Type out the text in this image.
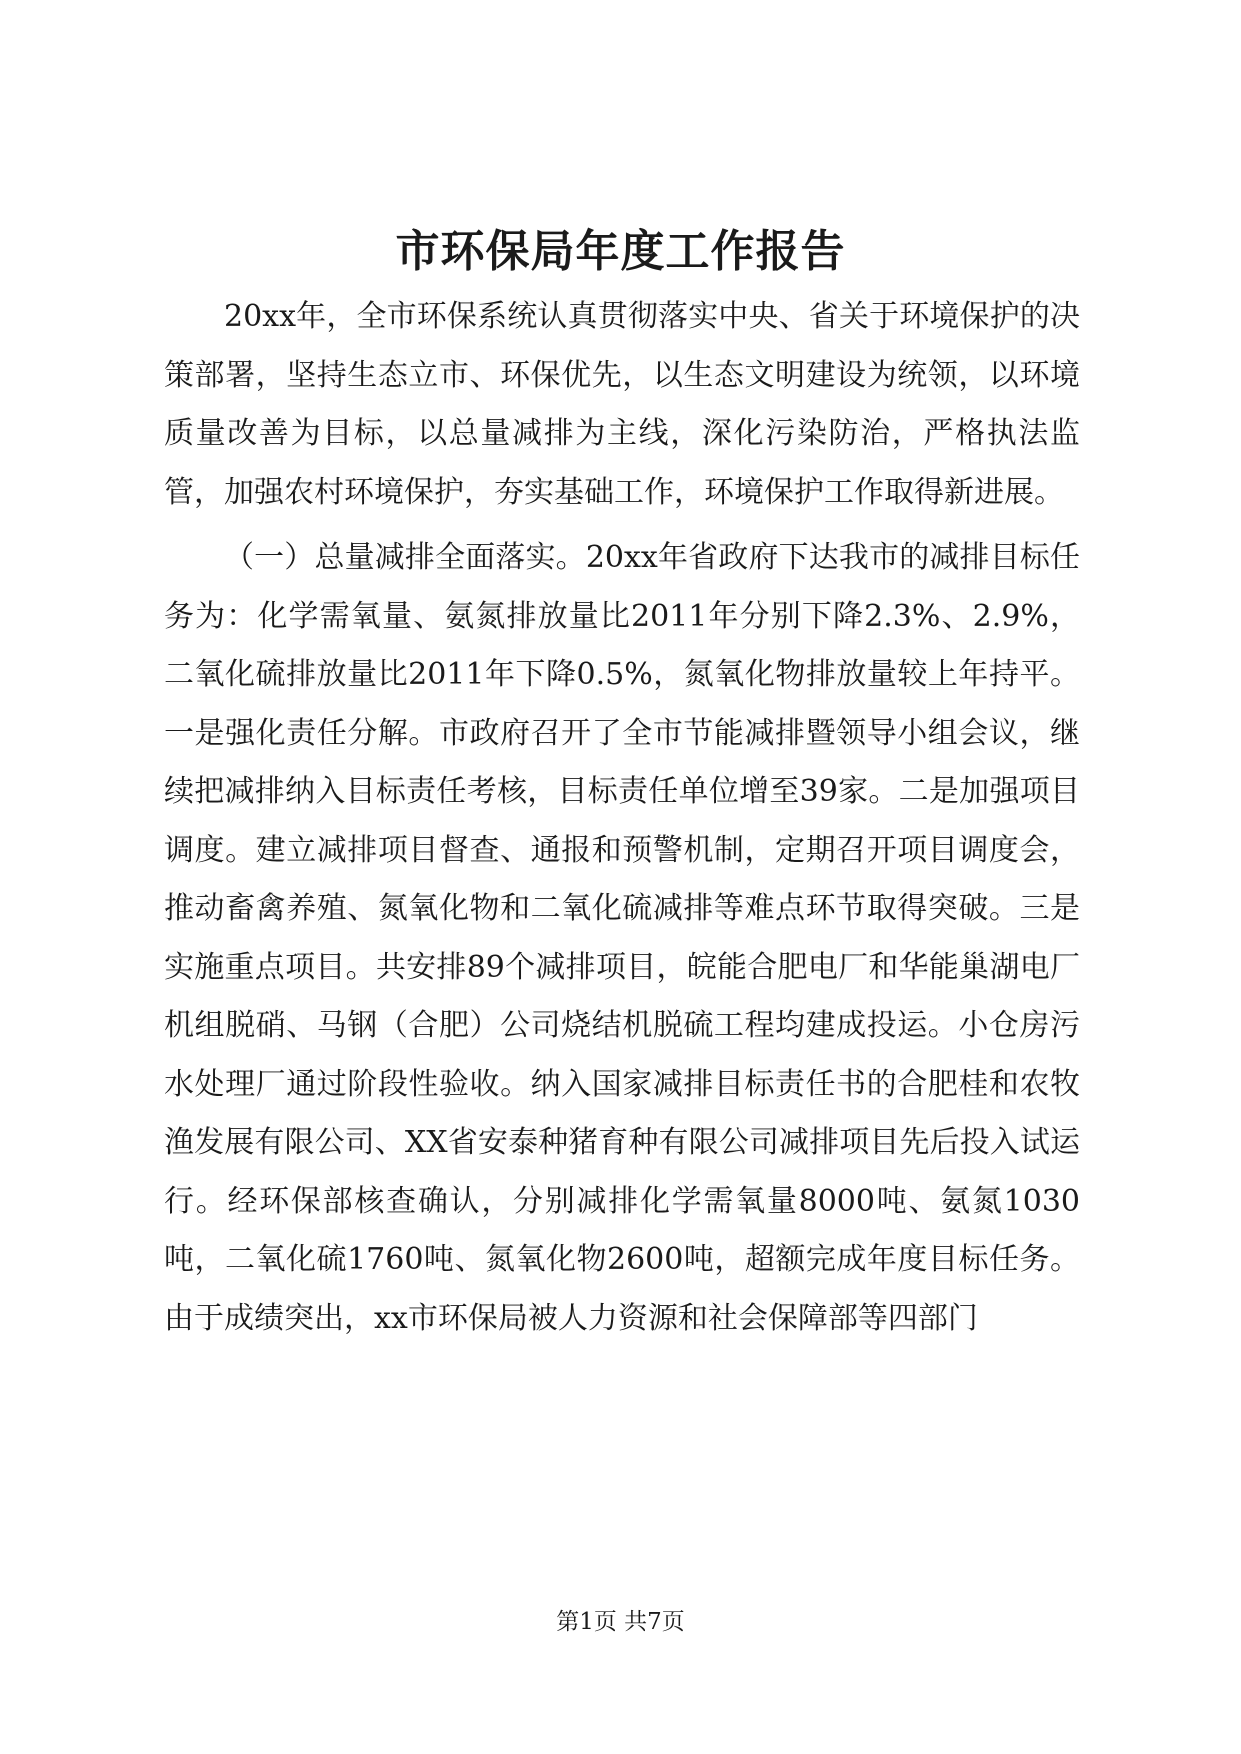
市环保局年度工作报告

20xx年，全市环保系统认真贯彻落实中央、省关于环境保护的决策部署，坚持生态立市、环保优先，以生态文明建设为统领，以环境质量改善为目标，以总量减排为主线，深化污染防治，严格执法监管，加强农村环境保护，夯实基础工作，环境保护工作取得新进展。

（一）总量减排全面落实。20xx年省政府下达我市的减排目标任务为：化学需氧量、氨氮排放量比2011年分别下降2.3%、2.9%，二氧化硫排放量比2011年下降0.5%，氮氧化物排放量较上年持平。一是强化责任分解。市政府召开了全市节能减排暨领导小组会议，继续把减排纳入目标责任考核，目标责任单位增至39家。二是加强项目调度。建立减排项目督查、通报和预警机制，定期召开项目调度会，推动畜禽养殖、氮氧化物和二氧化硫减排等难点环节取得突破。三是实施重点项目。共安排89个减排项目，皖能合肥电厂和华能巢湖电厂机组脱硝、马钢（合肥）公司烧结机脱硫工程均建成投运。小仓房污水处理厂通过阶段性验收。纳入国家减排目标责任书的合肥桂和农牧渔发展有限公司、XX省安泰种猪育种有限公司减排项目先后投入试运行。经环保部核查确认，分别减排化学需氧量8000吨、氨氮1030吨，二氧化硫1760吨、氮氧化物2600吨，超额完成年度目标任务。由于成绩突出，xx市环保局被人力资源和社会保障部等四部门

第1页 共7页
